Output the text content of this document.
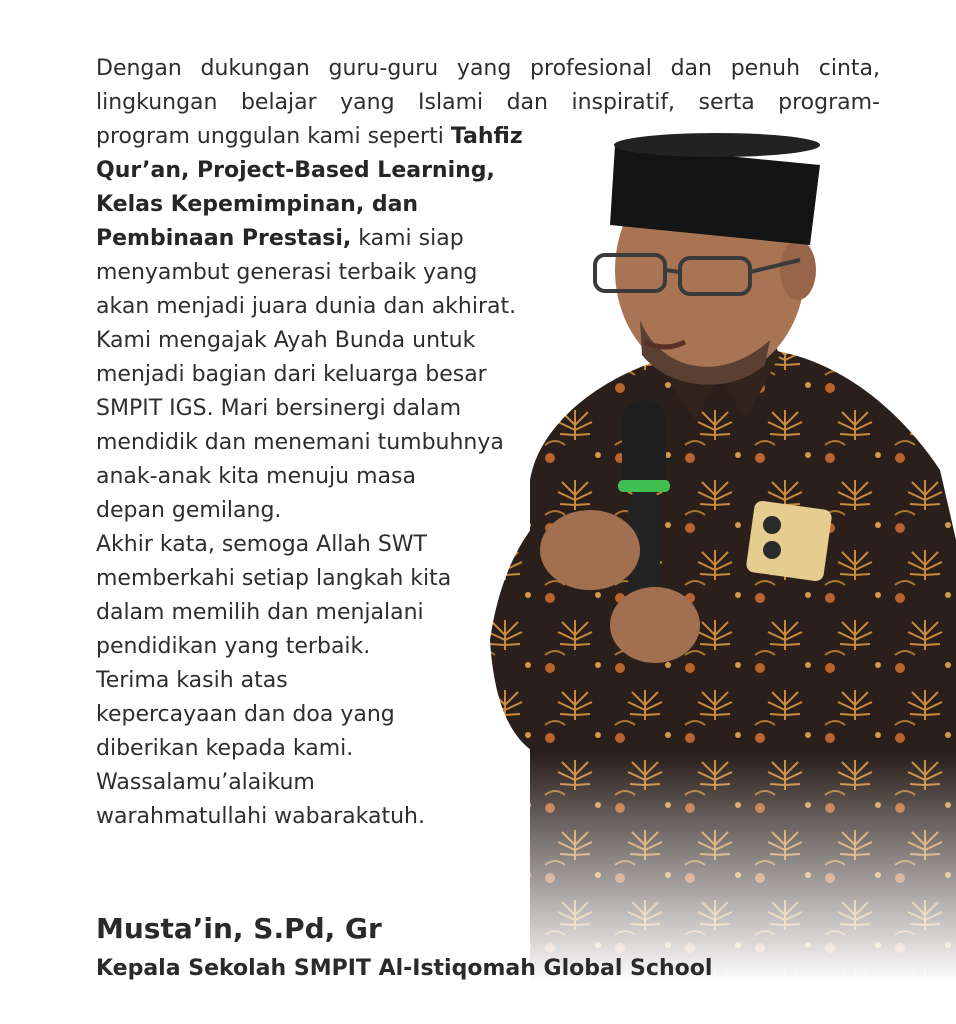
Dengan dukungan guru-guru yang profesional dan penuh cinta,
lingkungan belajar yang Islami dan inspiratif, serta program-
program unggulan kami seperti Tahfiz
Qur’an, Project-Based Learning,
Kelas Kepemimpinan, dan
Pembinaan Prestasi, kami siap
menyambut generasi terbaik yang
akan menjadi juara dunia dan akhirat.
Kami mengajak Ayah Bunda untuk
menjadi bagian dari keluarga besar
SMPIT IGS. Mari bersinergi dalam
mendidik dan menemani tumbuhnya
anak-anak kita menuju masa
depan gemilang.
Akhir kata, semoga Allah SWT
memberkahi setiap langkah kita
dalam memilih dan menjalani
pendidikan yang terbaik.
Terima kasih atas
kepercayaan dan doa yang
diberikan kepada kami.
Wassalamu’alaikum
warahmatullahi wabarakatuh.
Musta’in, S.Pd, Gr
Kepala Sekolah SMPIT Al-Istiqomah Global School
